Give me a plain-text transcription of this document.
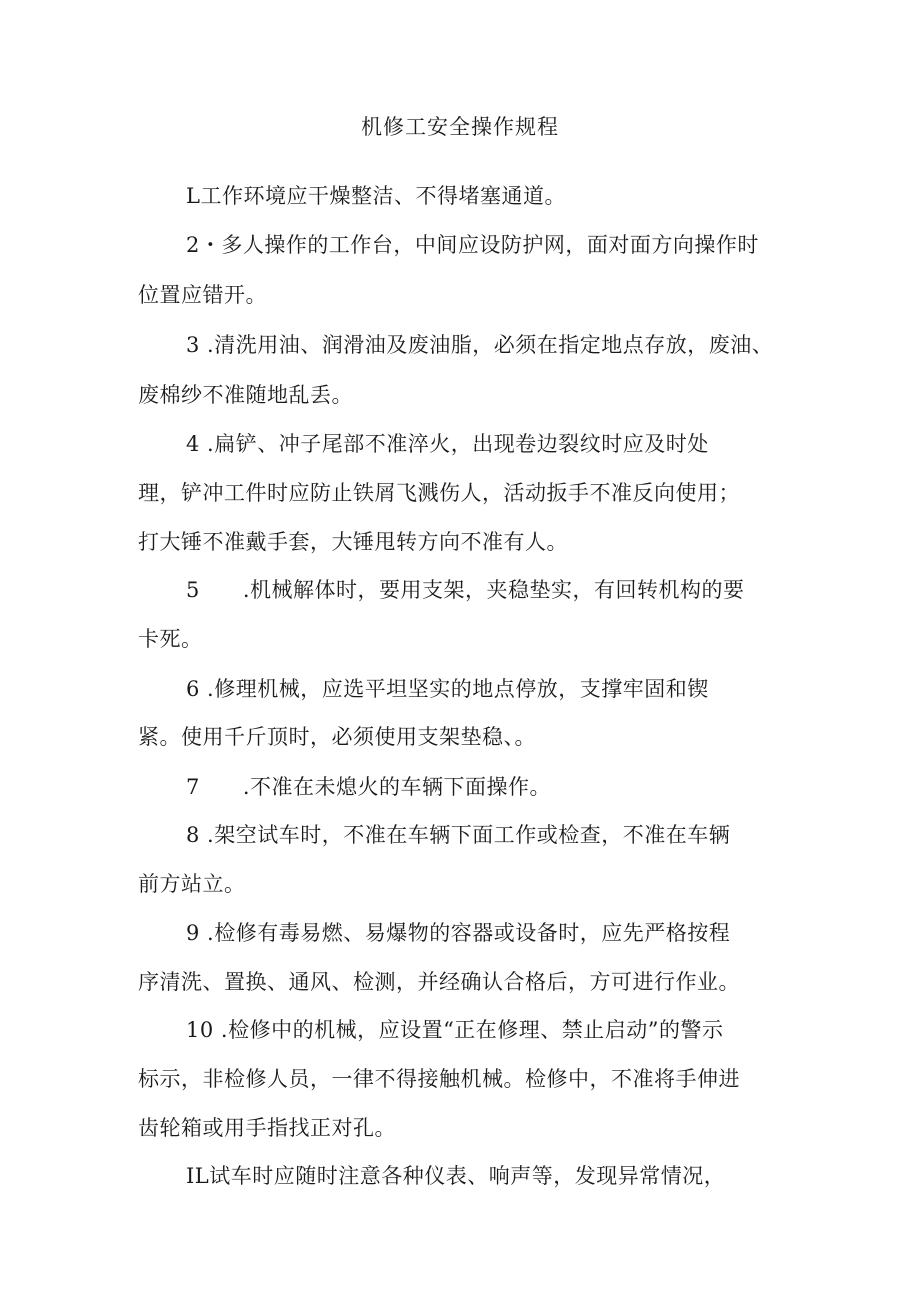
机修工安全操作规程
L工作环境应干燥整洁、不得堵塞通道。
2・多人操作的工作台，中间应设防护网，面对面方向操作时
位置应错开。
3 .清洗用油、润滑油及废油脂，必须在指定地点存放，废油、
废棉纱不准随地乱丢。
4 .扁铲、冲子尾部不准淬火，出现卷边裂纹时应及时处
理，铲冲工件时应防止铁屑飞溅伤人，活动扳手不准反向使用；
打大锤不准戴手套，大锤甩转方向不准有人。
5　　.机械解体时，要用支架，夹稳垫实，有回转机构的要
卡死。
6 .修理机械，应选平坦坚实的地点停放，支撑牢固和锲
紧。使用千斤顶时，必须使用支架垫稳、。
7　　.不准在未熄火的车辆下面操作。
8 .架空试车时，不准在车辆下面工作或检查，不准在车辆
前方站立。
9 .检修有毒易燃、易爆物的容器或设备时，应先严格按程
序清洗、置换、通风、检测，并经确认合格后，方可进行作业。
10 .检修中的机械，应设置“正在修理、禁止启动”的警示
标示，非检修人员，一律不得接触机械。检修中，不准将手伸进
齿轮箱或用手指找正对孔。
IL试车时应随时注意各种仪表、响声等，发现异常情况，
